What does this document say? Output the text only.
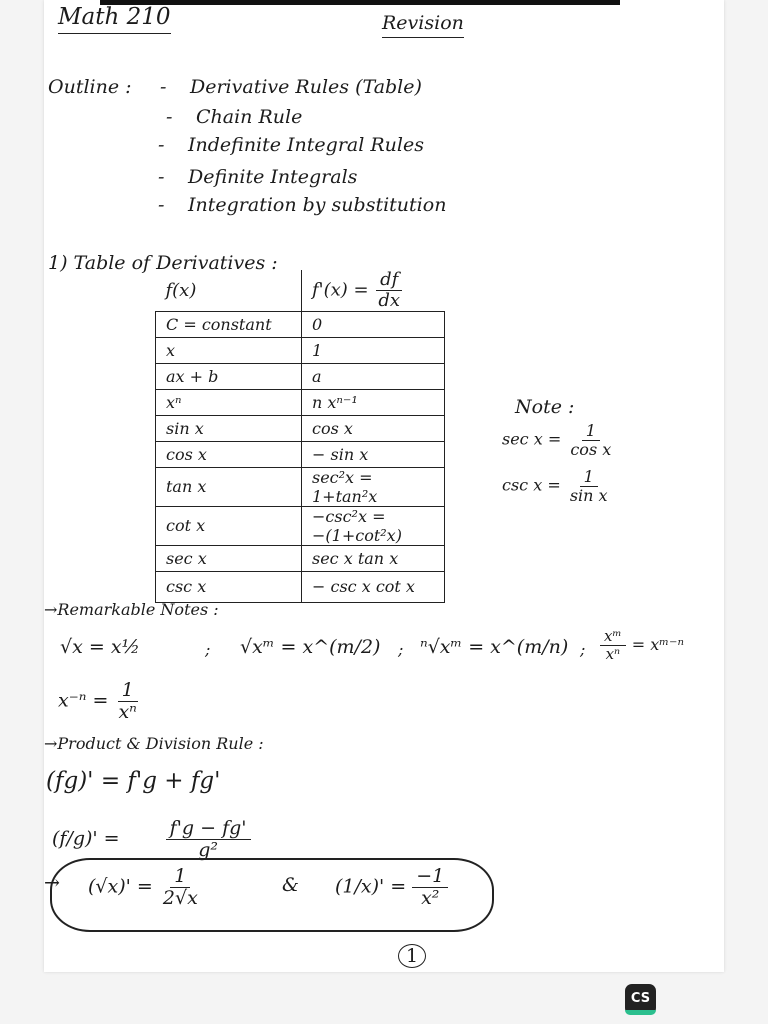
Math 210	Revision
Outline : - Derivative Rules (Table)
- Chain Rule
- Indefinite Integral Rules
- Definite Integrals
- Integration by substitution
1) Table of Derivatives :
f(x)	$f'(x) = \frac{df}{dx}$

C = constant	0
x	1
ax + b	a
xⁿ	n xⁿ⁻¹
sin x	cos x
cos x	− sin x
tan x	sec²x = 1+tan²x
cot x	−csc²x = −(1+cot²x)
sec x	sec x tan x
csc x	− csc x cot x
Note :
$\sec x = \frac{1}{\text{cos x}}$
$\csc x = \frac{1}{\text{sin x}}$
→Remarkable Notes :
√x = x½	; √xᵐ = x^(m/2) ; ⁿ√xᵐ = x^(m/n) ; $\frac{\text{xᵐ}}{\text{xⁿ}}$ = xᵐ⁻ⁿ
$x^{-n} = \frac{1}{\text{xⁿ}}$
→Product & Division Rule :
(fg)' = f'g + fg'
$(f/g)' = \frac{f'g - fg'}{\text{g²}}$
→ $(√x)' = \frac{1}{2√x}$	& $(1/x)' = \frac{-1}{\text{x²}}$
1
CS
